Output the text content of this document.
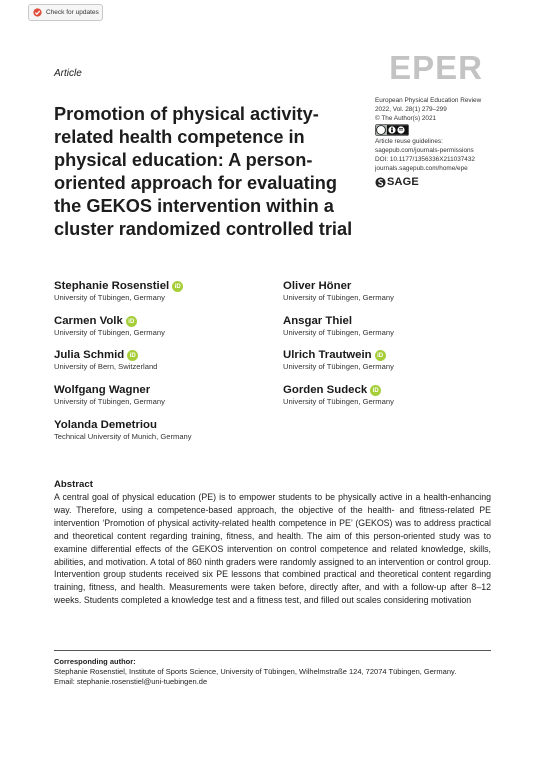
Check for updates
Article	EPER
Promotion of physical activity-related health competence in physical education: A person-oriented approach for evaluating the GEKOS intervention within a cluster randomized controlled trial
European Physical Education Review
2022, Vol. 28(1) 279–299
© The Author(s) 2021
Article reuse guidelines:
sagepub.com/journals-permissions
DOI: 10.1177/1356336X211037432
journals.sagepub.com/home/epe
SAGE
Stephanie Rosenstiel iD
University of Tübingen, Germany
Carmen Volk iD
University of Tübingen, Germany
Julia Schmid iD
University of Bern, Switzerland
Wolfgang Wagner
University of Tübingen, Germany
Yolanda Demetriou
Technical University of Munich, Germany
Oliver Höner
University of Tübingen, Germany
Ansgar Thiel
University of Tübingen, Germany
Ulrich Trautwein iD
University of Tübingen, Germany
Gorden Sudeck iD
University of Tübingen, Germany
Abstract

A central goal of physical education (PE) is to empower students to be physically active in a health-enhancing way. Therefore, using a competence-based approach, the objective of the health- and fitness-related PE intervention ‘Promotion of physical activity-related health competence in PE’ (GEKOS) was to address practical and theoretical content regarding training, fitness, and health. The aim of this person-oriented study was to examine differential effects of the GEKOS intervention on control competence and related knowledge, skills, abilities, and motivation. A total of 860 ninth graders were randomly assigned to an intervention or control group. Intervention group students received six PE lessons that combined practical and theoretical content regarding training, fitness, and health. Measurements were taken before, directly after, and with a follow-up after 8–12 weeks. Students completed a knowledge test and a fitness test, and filled out scales considering motivation

Corresponding author:
Stephanie Rosenstiel, Institute of Sports Science, University of Tübingen, Wilhelmstraße 124, 72074 Tübingen, Germany.
Email: stephanie.rosenstiel@uni-tuebingen.de
